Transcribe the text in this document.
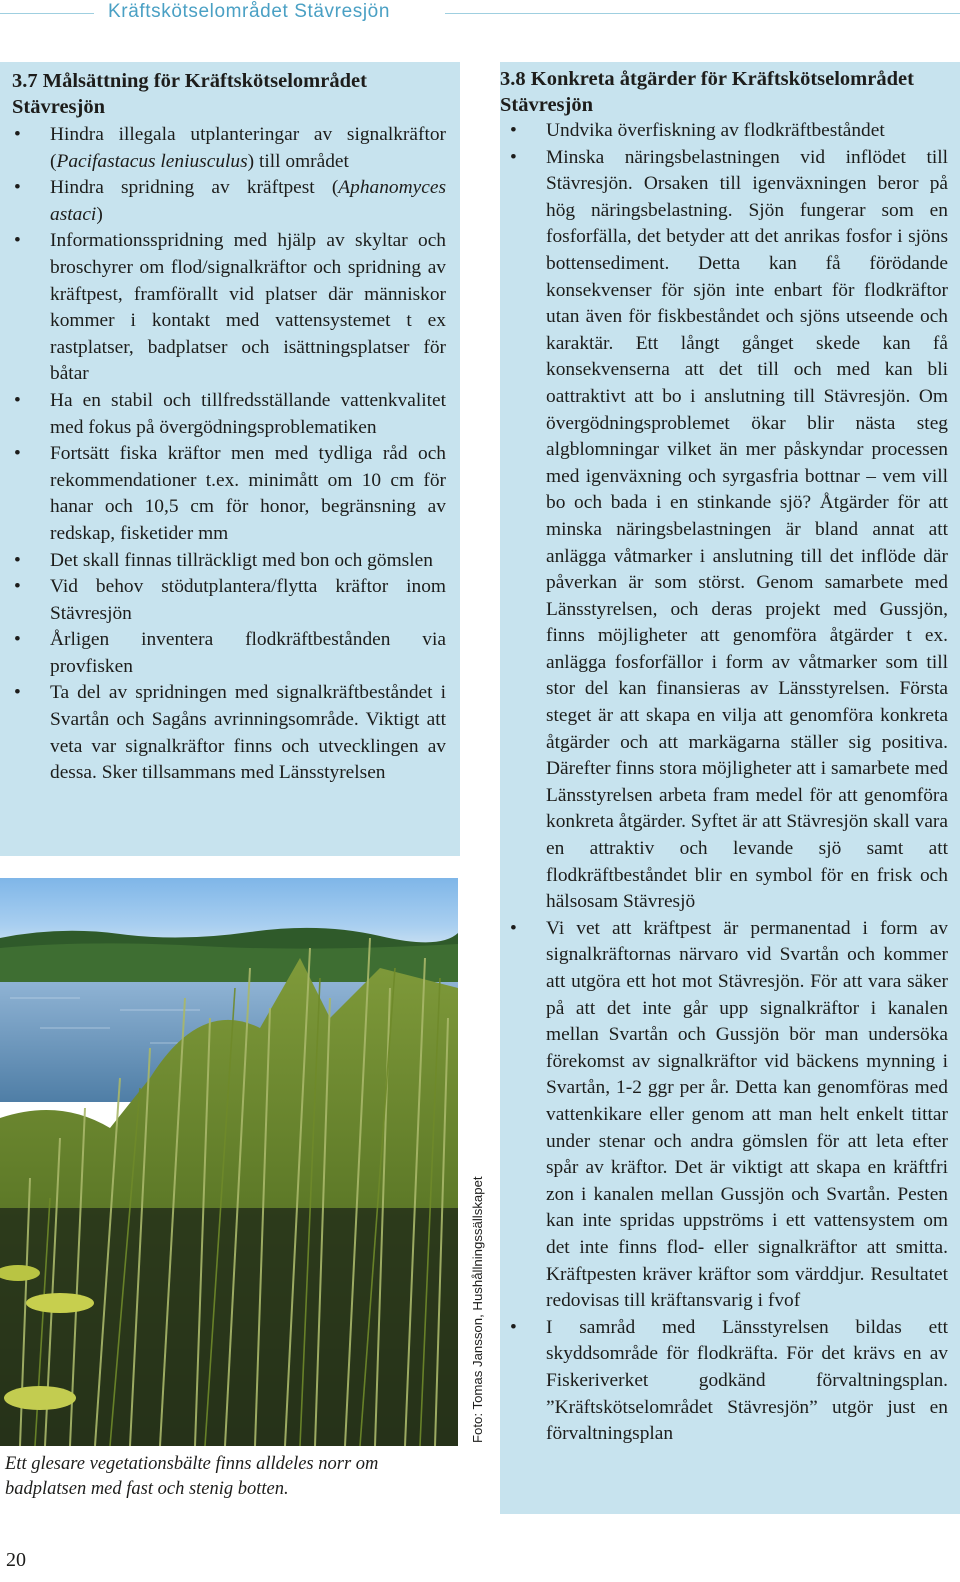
Kräftskötselområdet Stävresjön
3.7 Målsättning för Kräftskötselområdet Stävresjön
• Hindra illegala utplanteringar av signalkräftor (Pacifastacus leniusculus) till området
• Hindra spridning av kräftpest (Aphanomyces astaci)
• Informationsspridning med hjälp av skyltar och broschyrer om flod/signalkräftor och spridning av kräftpest, framförallt vid platser där människor kommer i kontakt med vattensystemet t ex rastplatser, badplatser och isättningsplatser för båtar
• Ha en stabil och tillfredsställande vattenkvalitet med fokus på övergödningsproblematiken
• Fortsätt fiska kräftor men med tydliga råd och rekommendationer t.ex. minimått om 10 cm för hanar och 10,5 cm för honor, begränsning av redskap, fisketider mm
• Det skall finnas tillräckligt med bon och gömslen
• Vid behov stödutplantera/flytta kräftor inom Stävresjön
• Årligen inventera flodkräftbestånden via provfisken
• Ta del av spridningen med signalkräftbeståndet i Svartån och Sagåns avrinningsområde. Viktigt att veta var signalkräftor finns och utvecklingen av dessa. Sker tillsammans med Länsstyrelsen
3.8 Konkreta åtgärder för Kräftskötselområdet Stävresjön
• Undvika överfiskning av flodkräftbeståndet
• Minska näringsbelastningen vid inflödet till Stävresjön. Orsaken till igenväxningen beror på hög näringsbelastning. Sjön fungerar som en fosforfälla, det betyder att det anrikas fosfor i sjöns bottensediment. Detta kan få förödande konsekvenser för sjön inte enbart för flodkräftor utan även för fiskbeståndet och sjöns utseende och karaktär. Ett långt gånget skede kan få konsekvenserna att det till och med kan bli oattraktivt att bo i anslutning till Stävresjön. Om övergödningsproblemet ökar blir nästa steg algblomningar vilket än mer påskyndar processen med igenväxning och syrgasfria bottnar – vem vill bo och bada i en stinkande sjö? Åtgärder för att minska näringsbelastningen är bland annat att anlägga våtmarker i anslutning till det inflöde där påverkan är som störst. Genom samarbete med Länsstyrelsen, och deras projekt med Gussjön, finns möjligheter att genomföra åtgärder t ex. anlägga fosforfällor i form av våtmarker som till stor del kan finansieras av Länsstyrelsen. Första steget är att skapa en vilja att genomföra konkreta åtgärder och att markägarna ställer sig positiva. Därefter finns stora möjligheter att i samarbete med Länsstyrelsen arbeta fram medel för att genomföra konkreta åtgärder. Syftet är att Stävresjön skall vara en attraktiv och levande sjö samt att flodkräftbeståndet blir en symbol för en frisk och hälsosam Stävresjö
• Vi vet att kräftpest är permanentad i form av signalkräftornas närvaro vid Svartån och kommer att utgöra ett hot mot Stävresjön. För att vara säker på att det inte går upp signalkräftor i kanalen mellan Svartån och Gussjön bör man undersöka förekomst av signalkräftor vid bäckens mynning i Svartån, 1-2 ggr per år. Detta kan genomföras med vattenkikare eller genom att man helt enkelt tittar under stenar och andra gömslen för att leta efter spår av kräftor. Det är viktigt att skapa en kräftfri zon i kanalen mellan Gussjön och Svartån. Pesten kan inte spridas uppströms i ett vattensystem om det inte finns flod- eller signalkräftor att smitta. Kräftpesten kräver kräftor som värddjur. Resultatet redovisas till kräftansvarig i fvof
• I samråd med Länsstyrelsen bildas ett skyddsområde för flodkräfta. För det krävs en av Fiskeriverket godkänd förvaltningsplan. ”Kräftskötselområdet Stävresjön” utgör just en förvaltningsplan
Foto: Tomas Jansson, Hushållningssällskapet
Ett glesare vegetationsbälte finns alldeles norr om badplatsen med fast och stenig botten.
20
